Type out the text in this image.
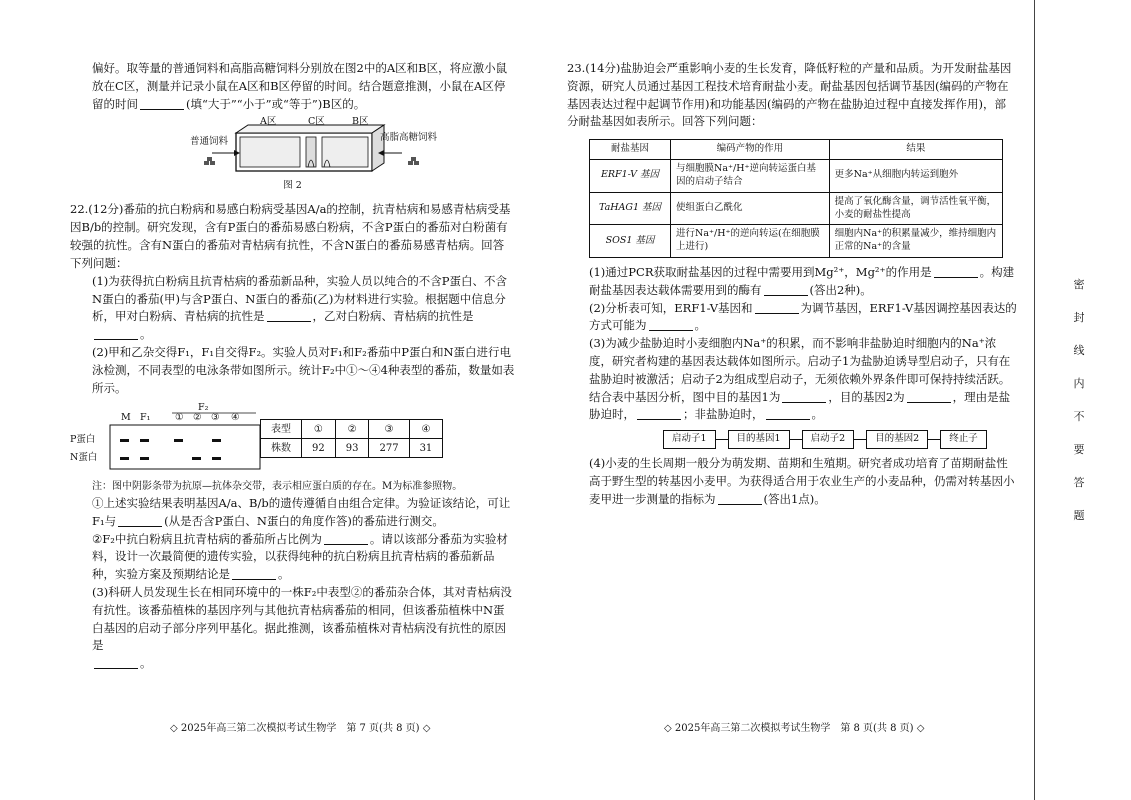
偏好。取等量的普通饲料和高脂高糖饲料分别放在图2中的A区和B区，将应激小鼠放在C区，测量并记录小鼠在A区和B区停留的时间。结合题意推测，小鼠在A区停留的时间	(填“大于”“小于”或“等于”)B区的。

A区	C区	B区
普通饲料	高脂高糖饲料
图 2

22.(12分)番茄的抗白粉病和易感白粉病受基因A/a的控制，抗青枯病和易感青枯病受基因B/b的控制。研究发现，含有P蛋白的番茄易感白粉病，不含P蛋白的番茄对白粉菌有较强的抗性。含有N蛋白的番茄对青枯病有抗性，不含N蛋白的番茄易感青枯病。回答下列问题：

(1)为获得抗白粉病且抗青枯病的番茄新品种，实验人员以纯合的不含P蛋白、不含N蛋白的番茄(甲)与含P蛋白、N蛋白的番茄(乙)为材料进行实验。根据题中信息分析，甲对白粉病、青枯病的抗性是	，乙对白粉病、青枯病的抗性是。

(2)甲和乙杂交得F₁，F₁自交得F₂。实验人员对F₁和F₂番茄中P蛋白和N蛋白进行电泳检测，不同表型的电泳条带如图所示。统计F₂中①～④4种表型的番茄，数量如表所示。

F₂
M F₁	① ② ③ ④
P蛋白
N蛋白
表型	①	②	③	④
株数	92	93	277	31

注：图中阴影条带为抗原—抗体杂交带，表示相应蛋白质的存在。M为标准参照物。

①上述实验结果表明基因A/a、B/b的遗传遵循自由组合定律。为验证该结论，可让F₁与	(从是否含P蛋白、N蛋白的角度作答)的番茄进行测交。

②F₂中抗白粉病且抗青枯病的番茄所占比例为	。请以该部分番茄为实验材料，设计一次最简便的遗传实验，以获得纯种的抗白粉病且抗青枯病的番茄新品种，实验方案及预期结论是	。

(3)科研人员发现生长在相同环境中的一株F₂中表型②的番茄杂合体，其对青枯病没有抗性。该番茄植株的基因序列与其他抗青枯病番茄的相同，但该番茄植株中N蛋白基因的启动子部分序列甲基化。据此推测，该番茄植株对青枯病没有抗性的原因是
。

◇ 2025年高三第二次模拟考试生物学　第 7 页(共 8 页) ◇

23.(14分)盐胁迫会严重影响小麦的生长发育，降低籽粒的产量和品质。为开发耐盐基因资源，研究人员通过基因工程技术培育耐盐小麦。耐盐基因包括调节基因(编码的产物在基因表达过程中起调节作用)和功能基因(编码的产物在盐胁迫过程中直接发挥作用)，部分耐盐基因如表所示。回答下列问题：

耐盐基因	编码产物的作用	结果
ERF1-V 基因	与细胞膜Na⁺/H⁺逆向转运蛋白基因的启动子结合	更多Na⁺从细胞内转运到胞外
TaHAG1 基因	使组蛋白乙酰化	提高了氧化酶含量，调节活性氧平衡，小麦的耐盐性提高
SOS1 基因	进行Na⁺/H⁺的逆向转运(在细胞膜上进行)	细胞内Na⁺的积累量减少，维持细胞内正常的Na⁺的含量

(1)通过PCR获取耐盐基因的过程中需要用到Mg²⁺，Mg²⁺的作用是	。构建耐盐基因表达载体需要用到的酶有	(答出2种)。

(2)分析表可知，ERF1-V基因和	为调节基因，ERF1-V基因调控基因表达的方式可能为	。

(3)为减少盐胁迫时小麦细胞内Na⁺的积累，而不影响非盐胁迫时细胞内的Na⁺浓度，研究者构建的基因表达载体如图所示。启动子1为盐胁迫诱导型启动子，只有在盐胁迫时被激活；启动子2为组成型启动子，无须依赖外界条件即可保持持续活跃。结合表中基因分析，图中目的基因1为	，目的基因2为	，理由是盐胁迫时，	；非盐胁迫时，	。

启动子1	目的基因1	启动子2	目的基因2	终止子

(4)小麦的生长周期一般分为萌发期、苗期和生殖期。研究者成功培育了苗期耐盐性高于野生型的转基因小麦甲。为获得适合用于农业生产的小麦品种，仍需对转基因小麦甲进一步测量的指标为	(答出1点)。

◇ 2025年高三第二次模拟考试生物学　第 8 页(共 8 页) ◇
密
封
线
内
不
要
答
题
